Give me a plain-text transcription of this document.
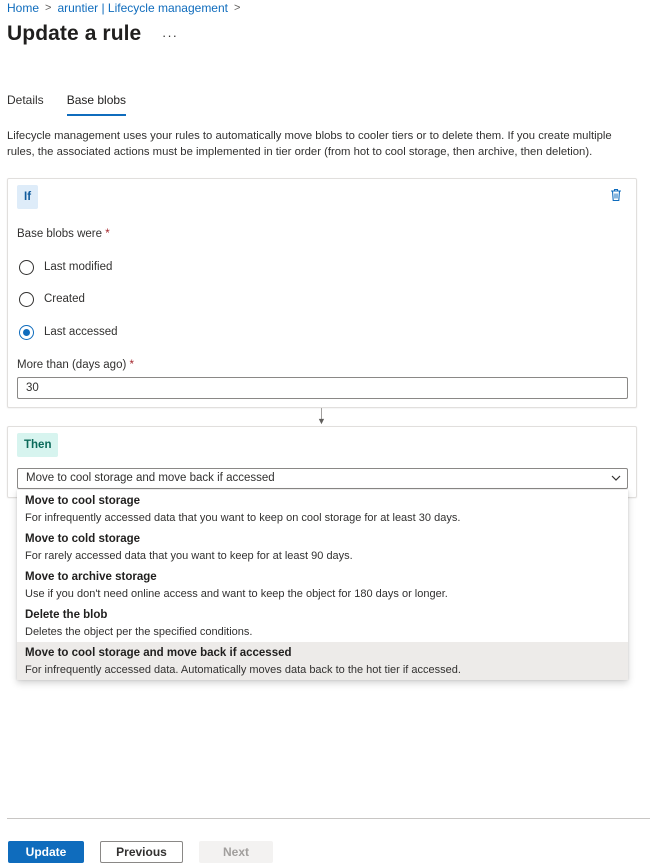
Home > aruntier | Lifecycle management >
Update a rule ···
Details Base blobs

Lifecycle management uses your rules to automatically move blobs to cooler tiers or to delete them. If you create multiple rules, the associated actions must be implemented in tier order (from hot to cool storage, then archive, then deletion).

If
Base blobs were *
Last modified
Created
Last accessed
More than (days ago) *
30
▼
Then
Move to cool storage and move back if accessed
Move to cool storage
For infrequently accessed data that you want to keep on cool storage for at least 30 days.
Move to cold storage
For rarely accessed data that you want to keep for at least 90 days.
Move to archive storage
Use if you don't need online access and want to keep the object for 180 days or longer.
Delete the blob
Deletes the object per the specified conditions.
Move to cool storage and move back if accessed
For infrequently accessed data. Automatically moves data back to the hot tier if accessed.
Update	Previous	Next
